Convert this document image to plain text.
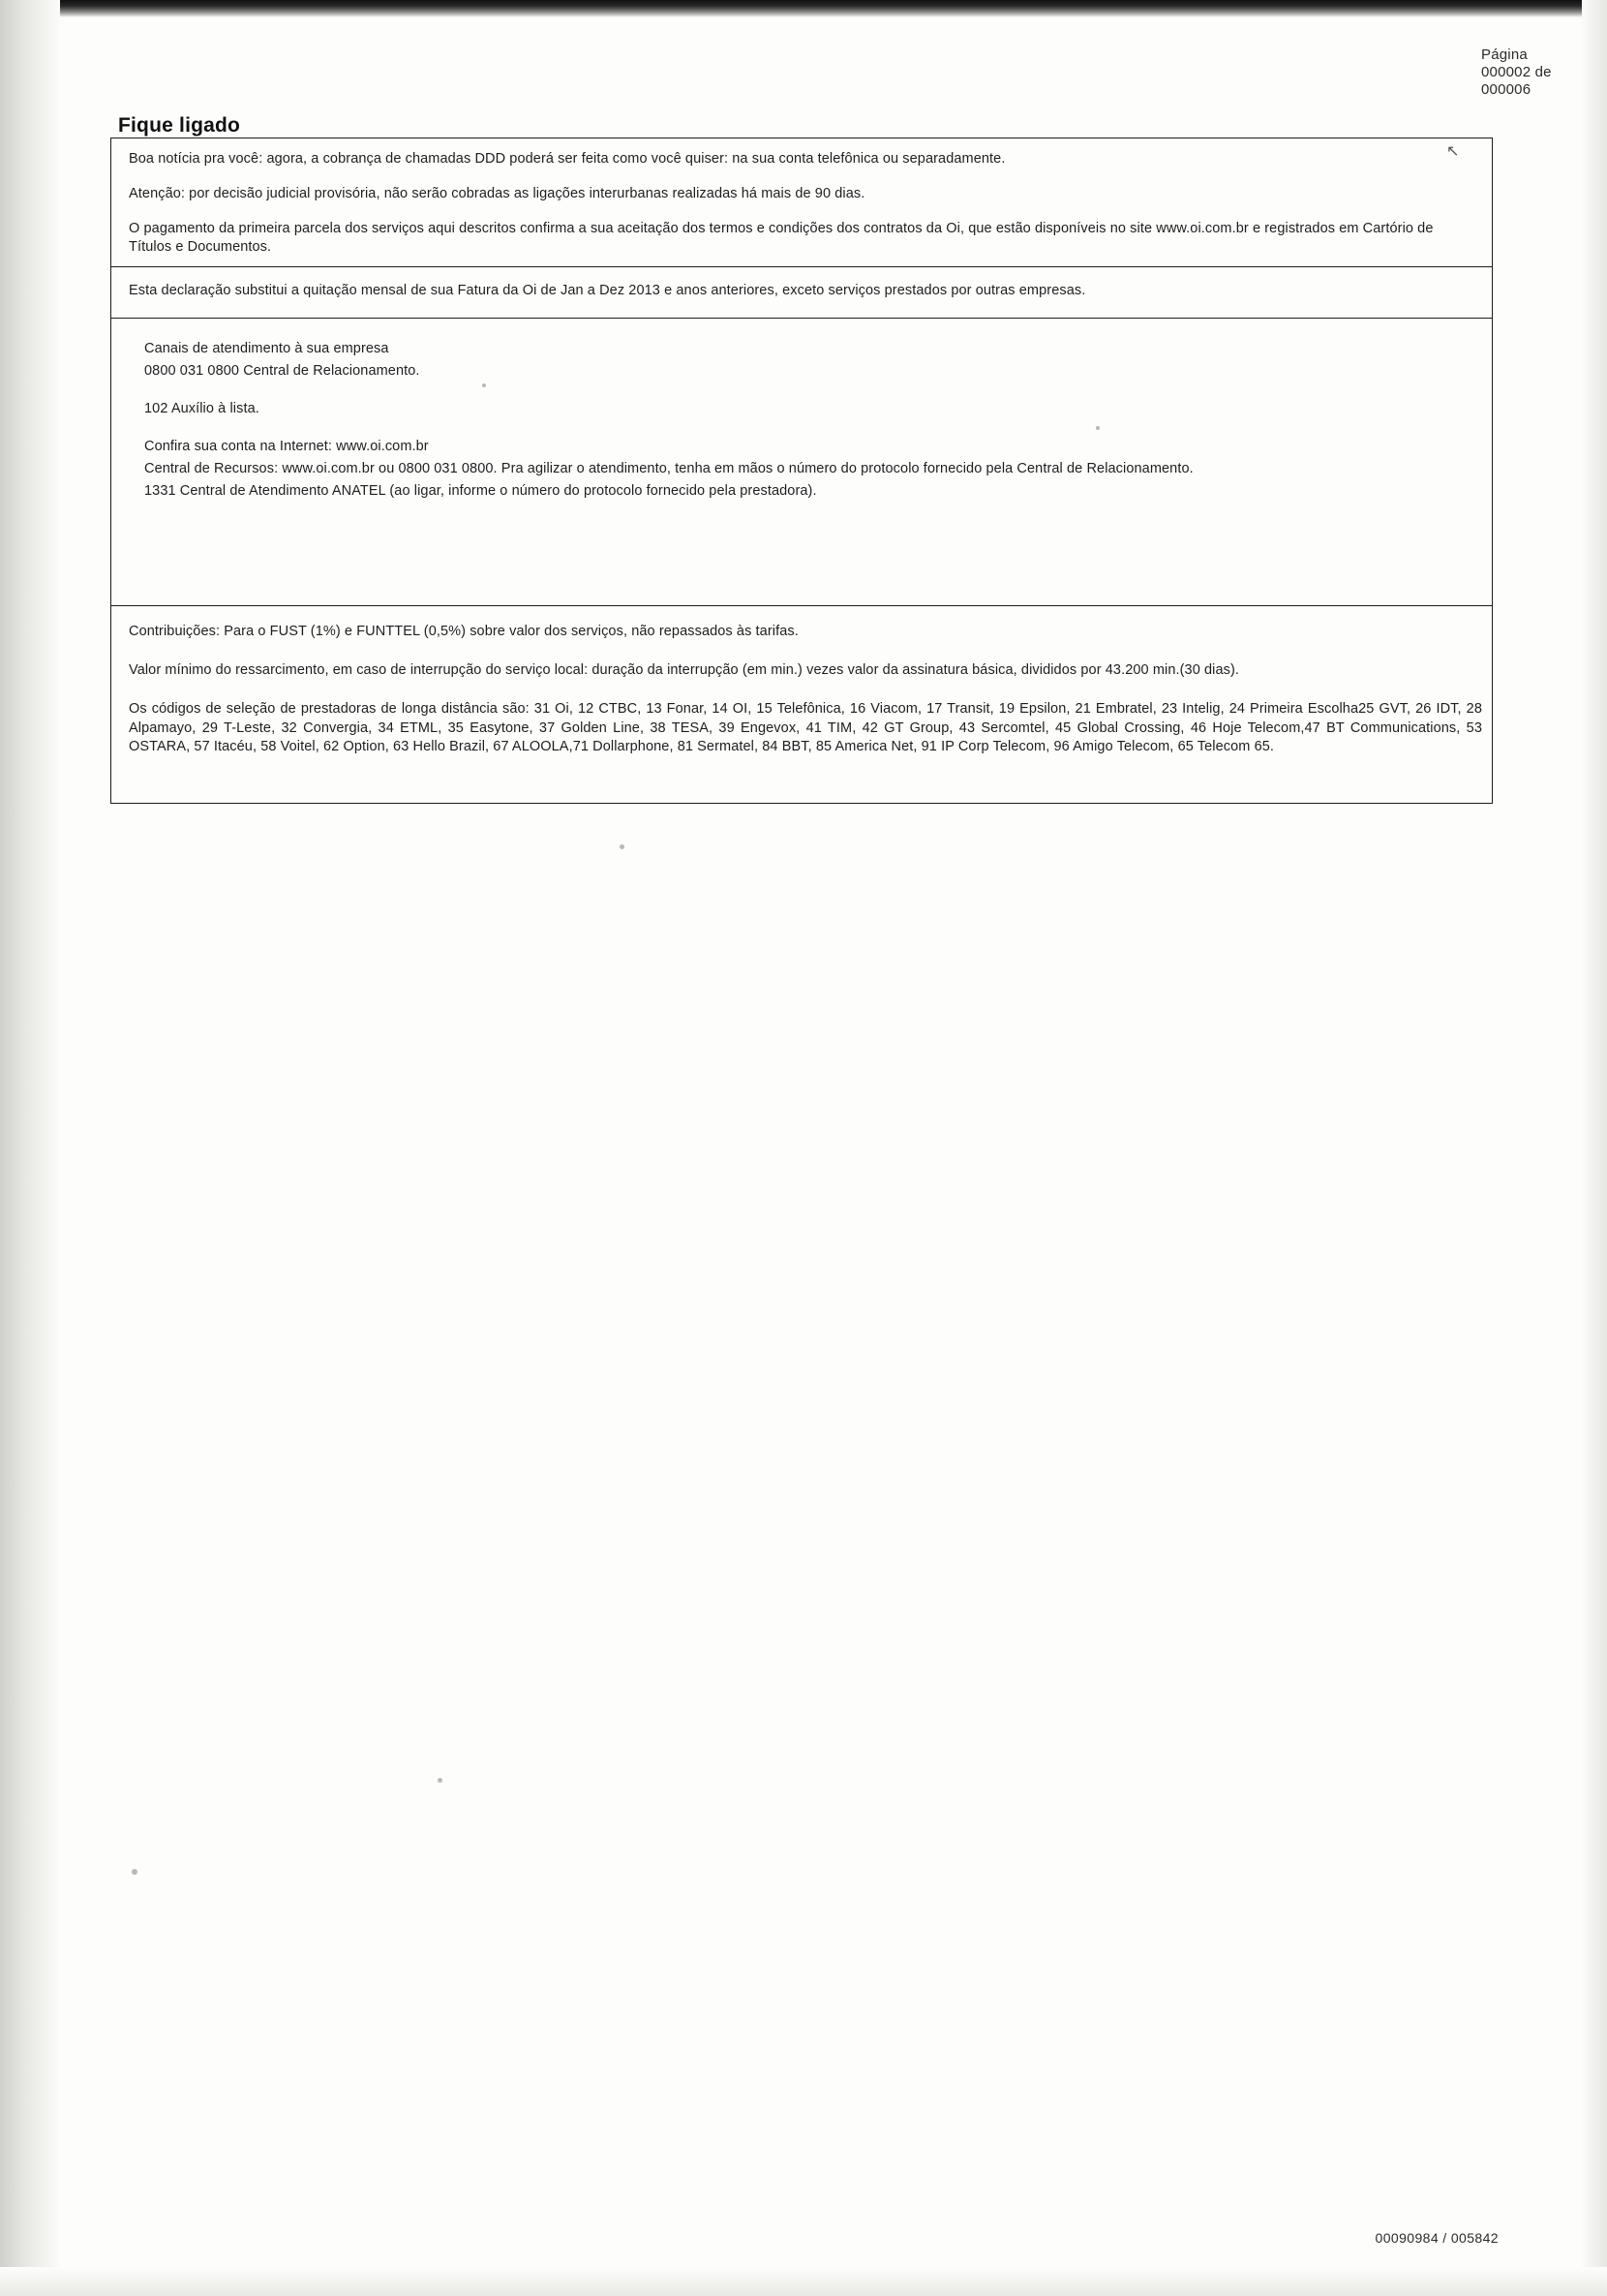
Página
000002 de
000006
Fique ligado
Boa notícia pra você: agora, a cobrança de chamadas DDD poderá ser feita como você quiser: na sua conta telefônica ou separadamente.
Atenção: por decisão judicial provisória, não serão cobradas as ligações interurbanas realizadas há mais de 90 dias.
O pagamento da primeira parcela dos serviços aqui descritos confirma a sua aceitação dos termos e condições dos contratos da Oi, que estão disponíveis no site www.oi.com.br e registrados em Cartório de Títulos e Documentos.
Esta declaração substitui a quitação mensal de sua Fatura da Oi de Jan a Dez 2013 e anos anteriores, exceto serviços prestados por outras empresas.
Canais de atendimento à sua empresa
0800 031 0800 Central de Relacionamento.
102 Auxílio à lista.
Confira sua conta na Internet: www.oi.com.br
Central de Recursos: www.oi.com.br ou 0800 031 0800. Pra agilizar o atendimento, tenha em mãos o número do protocolo fornecido pela Central de Relacionamento.
1331 Central de Atendimento ANATEL (ao ligar, informe o número do protocolo fornecido pela prestadora).
Contribuições: Para o FUST (1%) e FUNTTEL (0,5%) sobre valor dos serviços, não repassados às tarifas.
Valor mínimo do ressarcimento, em caso de interrupção do serviço local: duração da interrupção (em min.) vezes valor da assinatura básica, divididos por 43.200 min.(30 dias).
Os códigos de seleção de prestadoras de longa distância são: 31 Oi, 12 CTBC, 13 Fonar, 14 OI, 15 Telefônica, 16 Viacom, 17 Transit, 19 Epsilon, 21 Embratel, 23 Intelig, 24 Primeira Escolha25 GVT, 26 IDT, 28 Alpamayo, 29 T-Leste, 32 Convergia, 34 ETML, 35 Easytone, 37 Golden Line, 38 TESA, 39 Engevox, 41 TIM, 42 GT Group, 43 Sercomtel, 45 Global Crossing, 46 Hoje Telecom,47 BT Communications, 53 OSTARA, 57 Itacéu, 58 Voitel, 62 Option, 63 Hello Brazil, 67 ALOOLA,71 Dollarphone, 81 Sermatel, 84 BBT, 85 America Net, 91 IP Corp Telecom, 96 Amigo Telecom, 65 Telecom 65.
↖
00090984 / 005842
